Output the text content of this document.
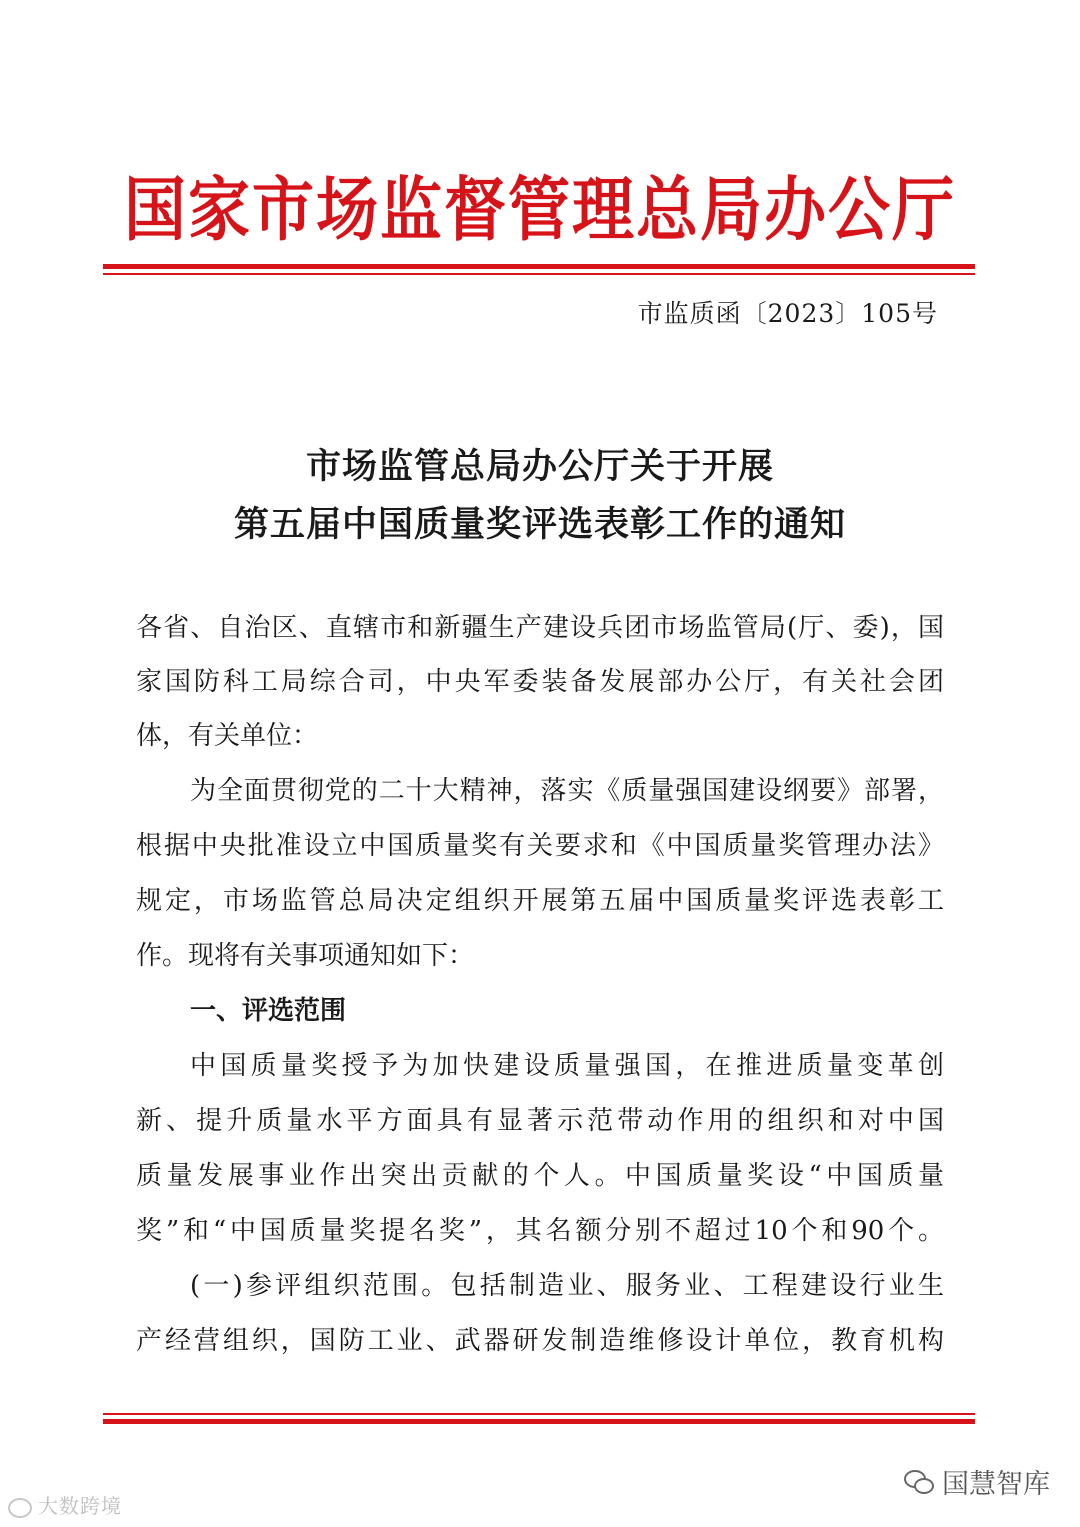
国家市场监督管理总局办公厅
市监质函〔2023〕105号
市场监管总局办公厅关于开展
第五届中国质量奖评选表彰工作的通知
各省、自治区、直辖市和新疆生产建设兵团市场监管局(厅、委)，国
家国防科工局综合司，中央军委装备发展部办公厅，有关社会团
体，有关单位：
为全面贯彻党的二十大精神，落实《质量强国建设纲要》部署，
根据中央批准设立中国质量奖有关要求和《中国质量奖管理办法》
规定，市场监管总局决定组织开展第五届中国质量奖评选表彰工
作。现将有关事项通知如下：
一、评选范围
中国质量奖授予为加快建设质量强国，在推进质量变革创
新、提升质量水平方面具有显著示范带动作用的组织和对中国
质量发展事业作出突出贡献的个人。中国质量奖设“中国质量
奖”和“中国质量奖提名奖”，其名额分别不超过10个和90个。
(一)参评组织范围。包括制造业、服务业、工程建设行业生
产经营组织，国防工业、武器研发制造维修设计单位，教育机构
大数跨境
国慧智库
